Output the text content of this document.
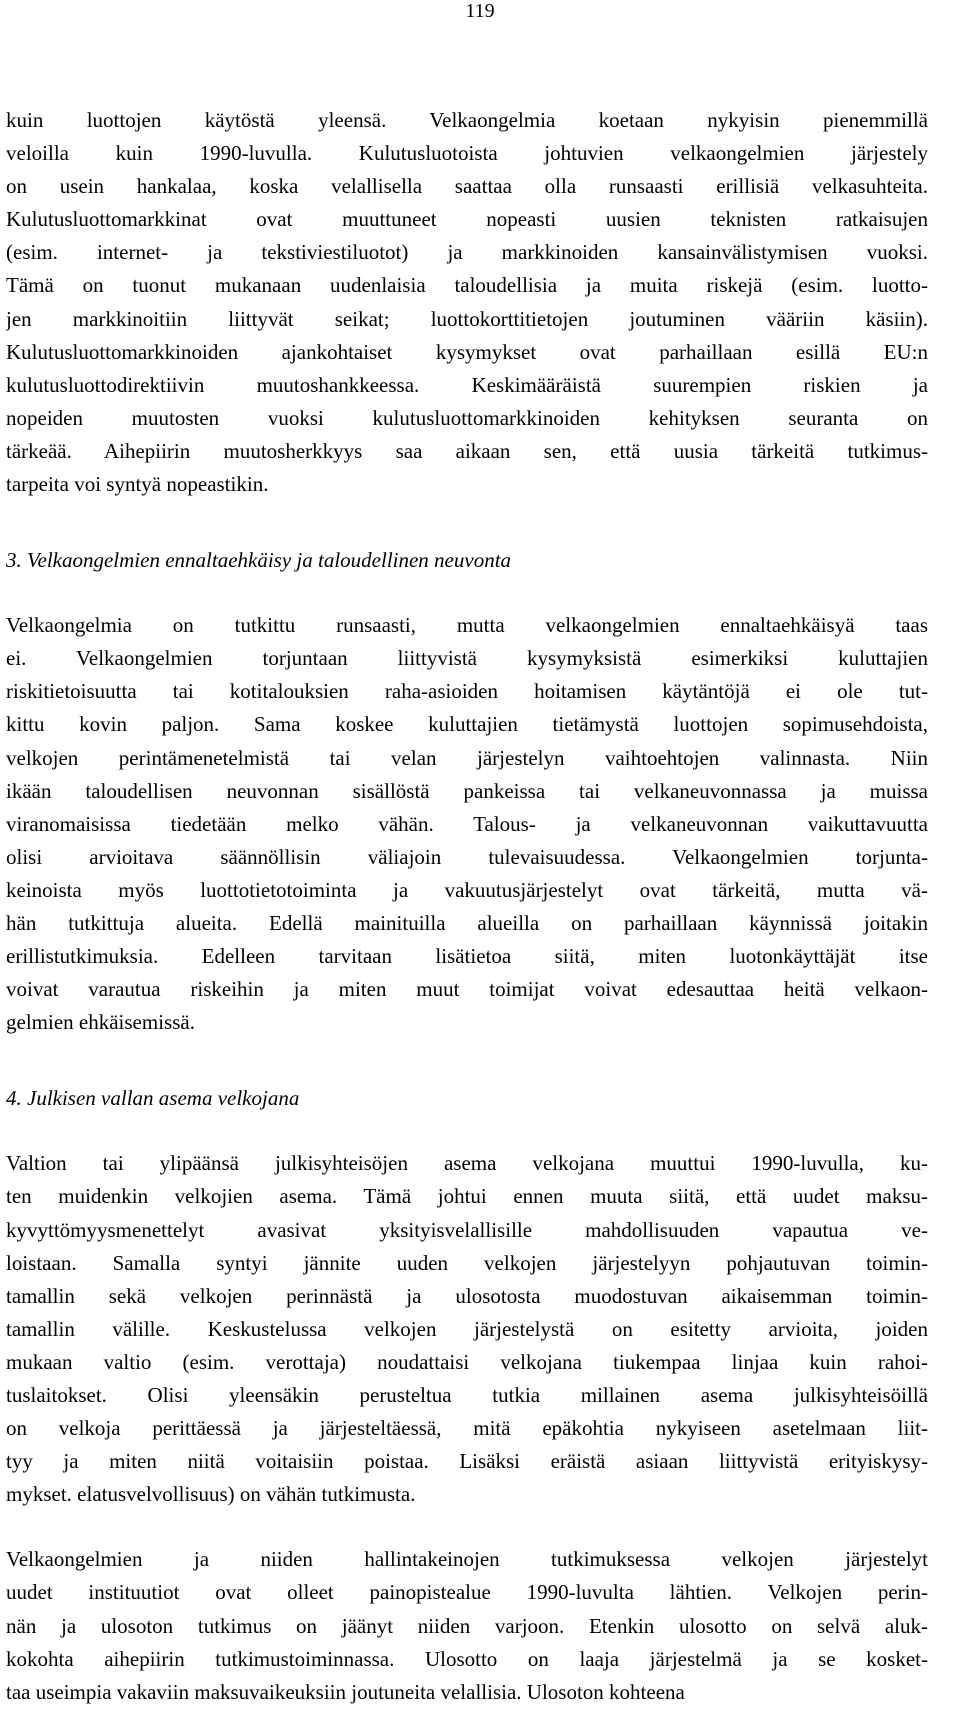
119
kuin luottojen käytöstä yleensä. Velkaongelmia koetaan nykyisin pienemmillä
veloilla kuin 1990-luvulla. Kulutusluotoista johtuvien velkaongelmien järjestely
on usein hankalaa, koska velallisella saattaa olla runsaasti erillisiä velkasuhteita.
Kulutusluottomarkkinat ovat muuttuneet nopeasti uusien teknisten ratkaisujen
(esim. internet- ja tekstiviestiluotot) ja markkinoiden kansainvälistymisen vuoksi.
Tämä on tuonut mukanaan uudenlaisia taloudellisia ja muita riskejä (esim. luotto-
jen markkinoitiin liittyvät seikat; luottokorttitietojen joutuminen vääriin käsiin).
Kulutusluottomarkkinoiden ajankohtaiset kysymykset ovat parhaillaan esillä EU:n
kulutusluottodirektiivin muutoshankkeessa. Keskimääräistä suurempien riskien ja
nopeiden muutosten vuoksi kulutusluottomarkkinoiden kehityksen seuranta on
tärkeää. Aihepiirin muutosherkkyys saa aikaan sen, että uusia tärkeitä tutkimus-
tarpeita voi syntyä nopeastikin.
3. Velkaongelmien ennaltaehkäisy ja taloudellinen neuvonta
Velkaongelmia on tutkittu runsaasti, mutta velkaongelmien ennaltaehkäisyä taas
ei. Velkaongelmien torjuntaan liittyvistä kysymyksistä esimerkiksi kuluttajien
riskitietoisuutta tai kotitalouksien raha-asioiden hoitamisen käytäntöjä ei ole tut-
kittu kovin paljon. Sama koskee kuluttajien tietämystä luottojen sopimusehdoista,
velkojen perintämenetelmistä tai velan järjestelyn vaihtoehtojen valinnasta. Niin
ikään taloudellisen neuvonnan sisällöstä pankeissa tai velkaneuvonnassa ja muissa
viranomaisissa tiedetään melko vähän. Talous- ja velkaneuvonnan vaikuttavuutta
olisi arvioitava säännöllisin väliajoin tulevaisuudessa. Velkaongelmien torjunta-
keinoista myös luottotietotoiminta ja vakuutusjärjestelyt ovat tärkeitä, mutta vä-
hän tutkittuja alueita. Edellä mainituilla alueilla on parhaillaan käynnissä joitakin
erillistutkimuksia. Edelleen tarvitaan lisätietoa siitä, miten luotonkäyttäjät itse
voivat varautua riskeihin ja miten muut toimijat voivat edesauttaa heitä velkaon-
gelmien ehkäisemissä.
4. Julkisen vallan asema velkojana
Valtion tai ylipäänsä julkisyhteisöjen asema velkojana muuttui 1990-luvulla, ku-
ten muidenkin velkojien asema. Tämä johtui ennen muuta siitä, että uudet maksu-
kyvyttömyysmenettelyt avasivat yksityisvelallisille mahdollisuuden vapautua ve-
loistaan. Samalla syntyi jännite uuden velkojen järjestelyyn pohjautuvan toimin-
tamallin sekä velkojen perinnästä ja ulosotosta muodostuvan aikaisemman toimin-
tamallin välille. Keskustelussa velkojen järjestelystä on esitetty arvioita, joiden
mukaan valtio (esim. verottaja) noudattaisi velkojana tiukempaa linjaa kuin rahoi-
tuslaitokset. Olisi yleensäkin perusteltua tutkia millainen asema julkisyhteisöillä
on velkoja perittäessä ja järjesteltäessä, mitä epäkohtia nykyiseen asetelmaan liit-
tyy ja miten niitä voitaisiin poistaa. Lisäksi eräistä asiaan liittyvistä erityiskysy-
mykset. elatusvelvollisuus) on vähän tutkimusta.
Velkaongelmien ja niiden hallintakeinojen tutkimuksessa velkojen järjestelyt
uudet instituutiot ovat olleet painopistealue 1990-luvulta lähtien. Velkojen perin-
nän ja ulosoton tutkimus on jäänyt niiden varjoon. Etenkin ulosotto on selvä aluk-
kokohta aihepiirin tutkimustoiminnassa. Ulosotto on laaja järjestelmä ja se kosket-
taa useimpia vakaviin maksuvaikeuksiin joutuneita velallisia. Ulosoton kohteena
